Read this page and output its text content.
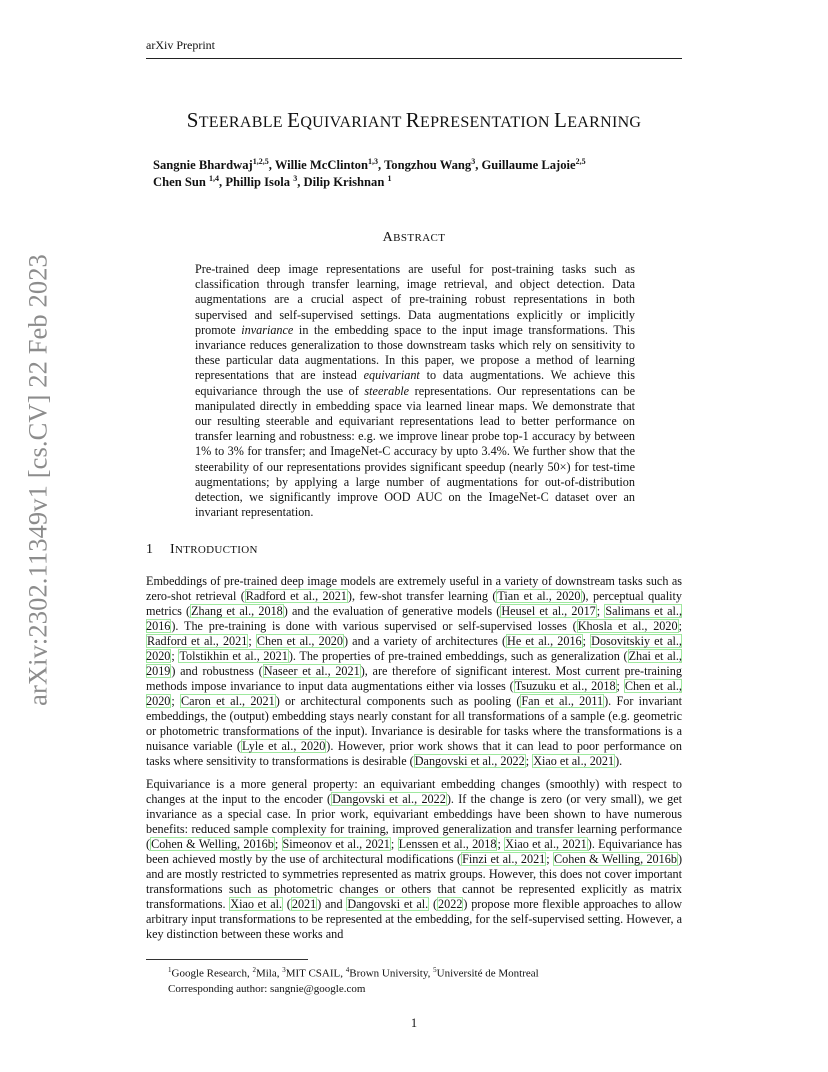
arXiv Preprint
arXiv:2302.11349v1 [cs.CV] 22 Feb 2023
STEERABLE EQUIVARIANT REPRESENTATION LEARNING
Sangnie Bhardwaj$^{1,2,5}$, Willie McClinton$^{1,3}$, Tongzhou Wang$^3$, Guillaume Lajoie$^{2,5}$
Chen Sun $^{1,4}$, Phillip Isola $^3$, Dilip Krishnan $^1$
ABSTRACT
Pre-trained deep image representations are useful for post-training tasks such as classification through transfer learning, image retrieval, and object detection. Data augmentations are a crucial aspect of pre-training robust representations in both supervised and self-supervised settings. Data augmentations explicitly or implicitly promote invariance in the embedding space to the input image transformations. This invariance reduces generalization to those downstream tasks which rely on sensitivity to these particular data augmentations. In this paper, we propose a method of learning representations that are instead equivariant to data augmentations. We achieve this equivariance through the use of steerable representations. Our representations can be manipulated directly in embedding space via learned linear maps. We demonstrate that our resulting steerable and equivariant representations lead to better performance on transfer learning and robustness: e.g. we improve linear probe top-1 accuracy by between 1% to 3% for transfer; and ImageNet-C accuracy by upto 3.4%. We further show that the steerability of our representations provides significant speedup (nearly 50×) for test-time augmentations; by applying a large number of augmentations for out-of-distribution detection, we significantly improve OOD AUC on the ImageNet-C dataset over an invariant representation.
1 INTRODUCTION

Embeddings of pre-trained deep image models are extremely useful in a variety of downstream tasks such as zero-shot retrieval (Radford et al., 2021), few-shot transfer learning (Tian et al., 2020), perceptual quality metrics (Zhang et al., 2018) and the evaluation of generative models (Heusel et al., 2017; Salimans et al., 2016). The pre-training is done with various supervised or self-supervised losses (Khosla et al., 2020; Radford et al., 2021; Chen et al., 2020) and a variety of architectures (He et al., 2016; Dosovitskiy et al., 2020; Tolstikhin et al., 2021). The properties of pre-trained embeddings, such as generalization (Zhai et al., 2019) and robustness (Naseer et al., 2021), are therefore of significant interest. Most current pre-training methods impose invariance to input data augmentations either via losses (Tsuzuku et al., 2018; Chen et al., 2020; Caron et al., 2021) or architectural components such as pooling (Fan et al., 2011). For invariant embeddings, the (output) embedding stays nearly constant for all transformations of a sample (e.g. geometric or photometric transformations of the input). Invariance is desirable for tasks where the transformations is a nuisance variable (Lyle et al., 2020). However, prior work shows that it can lead to poor performance on tasks where sensitivity to transformations is desirable (Dangovski et al., 2022; Xiao et al., 2021).

Equivariance is a more general property: an equivariant embedding changes (smoothly) with respect to changes at the input to the encoder (Dangovski et al., 2022). If the change is zero (or very small), we get invariance as a special case. In prior work, equivariant embeddings have been shown to have numerous benefits: reduced sample complexity for training, improved generalization and transfer learning performance (Cohen & Welling, 2016b; Simeonov et al., 2021; Lenssen et al., 2018; Xiao et al., 2021). Equivariance has been achieved mostly by the use of architectural modifications (Finzi et al., 2021; Cohen & Welling, 2016b) and are mostly restricted to symmetries represented as matrix groups. However, this does not cover important transformations such as photometric changes or others that cannot be represented explicitly as matrix transformations. Xiao et al. (2021) and Dangovski et al. (2022) propose more flexible approaches to allow arbitrary input transformations to be represented at the embedding, for the self-supervised setting. However, a key distinction between these works and

$^1$Google Research, $^2$Mila, $^3$MIT CSAIL, $^4$Brown University, $^5$Université de Montreal
Corresponding author: sangnie@google.com
1
